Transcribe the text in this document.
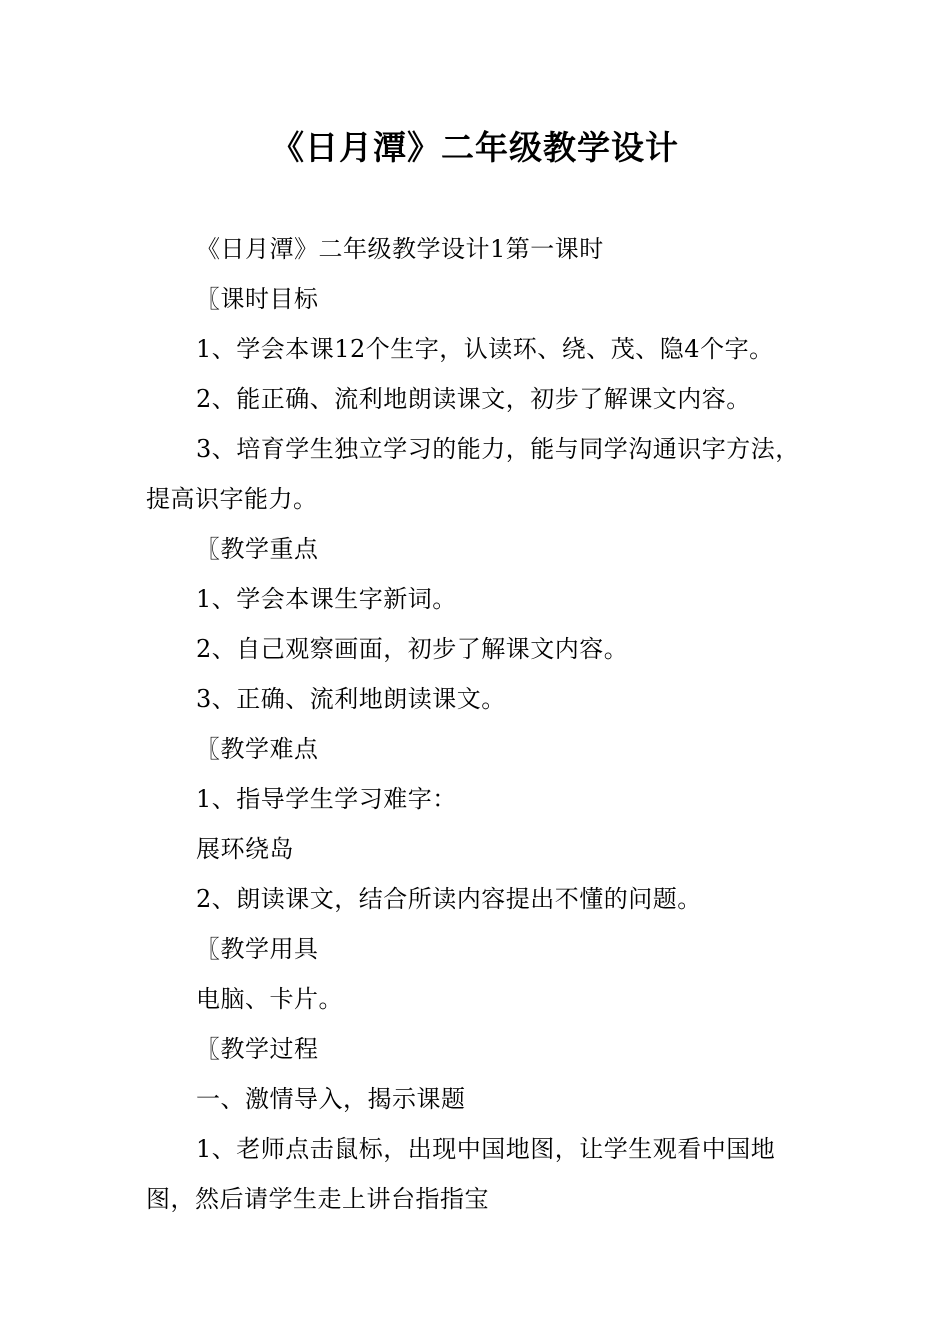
《日月潭》二年级教学设计

《日月潭》二年级教学设计1第一课时

〖课时目标

1、学会本课12个生字，认读环、绕、茂、隐4个字。

2、能正确、流利地朗读课文，初步了解课文内容。

3、培育学生独立学习的能力，能与同学沟通识字方法，提高识字能力。

〖教学重点

1、学会本课生字新词。

2、自己观察画面，初步了解课文内容。

3、正确、流利地朗读课文。

〖教学难点

1、指导学生学习难字：

展环绕岛

2、朗读课文，结合所读内容提出不懂的问题。

〖教学用具

电脑、卡片。

〖教学过程

一、激情导入，揭示课题

1、老师点击鼠标，出现中国地图，让学生观看中国地图，然后请学生走上讲台指指宝
